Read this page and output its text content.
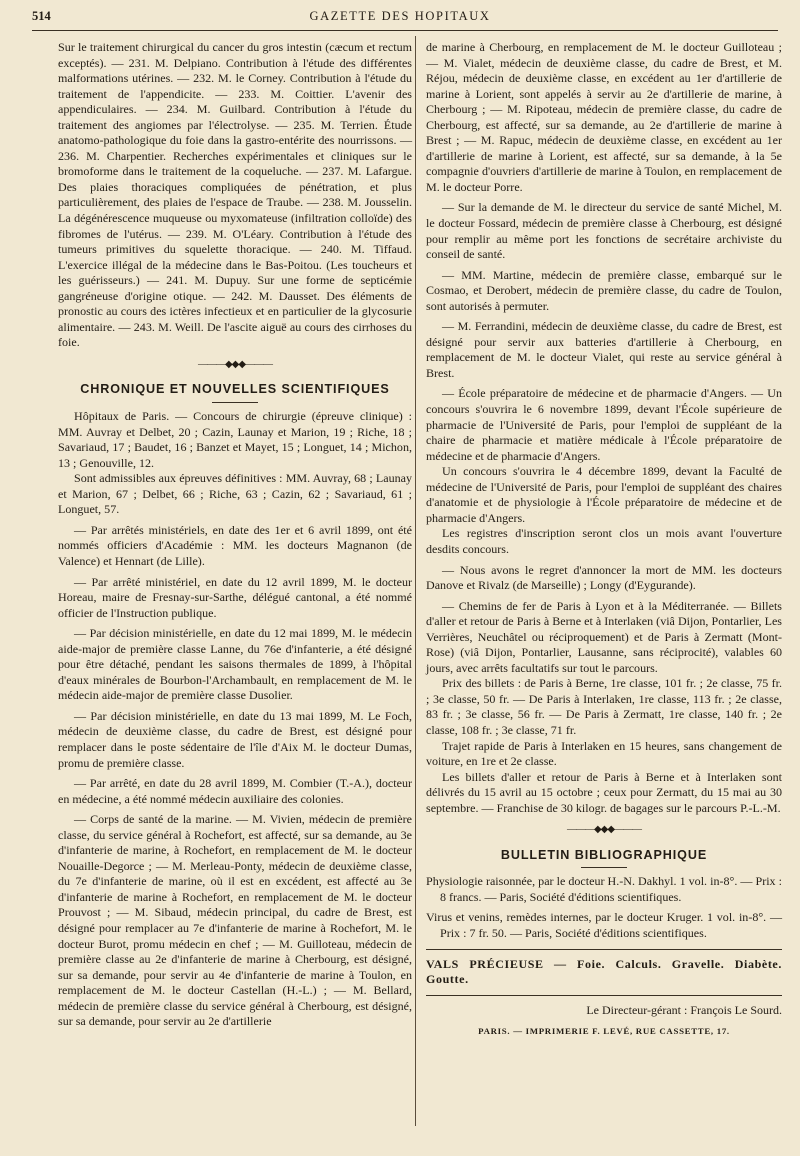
514	GAZETTE DES HOPITAUX

Sur le traitement chirurgical du cancer du gros intestin (cæcum et rectum exceptés). — 231. M. Delpiano. Contribution à l'étude des différentes malformations utérines. — 232. M. le Corney. Contribution à l'étude du traitement de l'appendicite. — 233. M. Coittier. L'avenir des appendiculaires. — 234. M. Guilbard. Contribution à l'étude du traitement des angiomes par l'électrolyse. — 235. M. Terrien. Étude anatomo-pathologique du foie dans la gastro-entérite des nourrissons. — 236. M. Charpentier. Recherches expérimentales et cliniques sur le bromoforme dans le traitement de la coqueluche. — 237. M. Lafargue. Des plaies thoraciques compliquées de pénétration, et plus particulièrement, des plaies de l'espace de Traube. — 238. M. Jousselin. La dégénérescence muqueuse ou myxomateuse (infiltration colloïde) des fibromes de l'utérus. — 239. M. O'Léary. Contribution à l'étude des tumeurs primitives du squelette thoracique. — 240. M. Tiffaud. L'exercice illégal de la médecine dans le Bas-Poitou. (Les toucheurs et les guérisseurs.) — 241. M. Dupuy. Sur une forme de septicémie gangréneuse d'origine otique. — 242. M. Dausset. Des éléments de pronostic au cours des ictères infectieux et en particulier de la glycosurie alimentaire. — 243. M. Weill. De l'ascite aiguë au cours des cirrhoses du foie.

———◆◆◆———
CHRONIQUE ET NOUVELLES SCIENTIFIQUES

Hôpitaux de Paris. — Concours de chirurgie (épreuve clinique) : MM. Auvray et Delbet, 20 ; Cazin, Launay et Marion, 19 ; Riche, 18 ; Savariaud, 17 ; Baudet, 16 ; Banzet et Mayet, 15 ; Longuet, 14 ; Michon, 13 ; Genouville, 12.

Sont admissibles aux épreuves définitives : MM. Auvray, 68 ; Launay et Marion, 67 ; Delbet, 66 ; Riche, 63 ; Cazin, 62 ; Savariaud, 61 ; Longuet, 57.

— Par arrêtés ministériels, en date des 1er et 6 avril 1899, ont été nommés officiers d'Académie : MM. les docteurs Magnanon (de Valence) et Hennart (de Lille).

— Par arrêté ministériel, en date du 12 avril 1899, M. le docteur Horeau, maire de Fresnay-sur-Sarthe, délégué cantonal, a été nommé officier de l'Instruction publique.

— Par décision ministérielle, en date du 12 mai 1899, M. le médecin aide-major de première classe Lanne, du 76e d'infanterie, a été désigné pour être détaché, pendant les saisons thermales de 1899, à l'hôpital d'eaux minérales de Bourbon-l'Archambault, en remplacement de M. le médecin aide-major de première classe Dusolier.

— Par décision ministérielle, en date du 13 mai 1899, M. Le Foch, médecin de deuxième classe, du cadre de Brest, est désigné pour remplacer dans le poste sédentaire de l'île d'Aix M. le docteur Dumas, promu de première classe.

— Par arrêté, en date du 28 avril 1899, M. Combier (T.-A.), docteur en médecine, a été nommé médecin auxiliaire des colonies.

— Corps de santé de la marine. — M. Vivien, médecin de première classe, du service général à Rochefort, est affecté, sur sa demande, au 3e d'infanterie de marine, à Rochefort, en remplacement de M. le docteur Nouaille-Degorce ; — M. Merleau-Ponty, médecin de deuxième classe, du 7e d'infanterie de marine, où il est en excédent, est affecté au 3e d'infanterie de marine à Rochefort, en remplacement de M. le docteur Prouvost ; — M. Sibaud, médecin principal, du cadre de Brest, est désigné pour remplacer au 7e d'infanterie de marine à Rochefort, M. le docteur Burot, promu médecin en chef ; — M. Guilloteau, médecin de première classe au 2e d'infanterie de marine à Cherbourg, est désigné, sur sa demande, pour servir au 4e d'infanterie de marine à Toulon, en remplacement de M. le docteur Castellan (H.-L.) ; — M. Bellard, médecin de première classe du service général à Cherbourg, est désigné, sur sa demande, pour servir au 2e d'artillerie

de marine à Cherbourg, en remplacement de M. le docteur Guilloteau ; — M. Vialet, médecin de deuxième classe, du cadre de Brest, et M. Réjou, médecin de deuxième classe, en excédent au 1er d'artillerie de marine à Lorient, sont appelés à servir au 2e d'artillerie de marine, à Cherbourg ; — M. Ripoteau, médecin de première classe, du cadre de Cherbourg, est affecté, sur sa demande, au 2e d'artillerie de marine à Brest ; — M. Rapuc, médecin de deuxième classe, en excédent au 1er d'artillerie de marine à Lorient, est affecté, sur sa demande, à la 5e compagnie d'ouvriers d'artillerie de marine à Toulon, en remplacement de M. le docteur Porre.

— Sur la demande de M. le directeur du service de santé Michel, M. le docteur Fossard, médecin de première classe à Cherbourg, est désigné pour remplir au même port les fonctions de secrétaire archiviste du conseil de santé.

— MM. Martine, médecin de première classe, embarqué sur le Cosmao, et Derobert, médecin de première classe, du cadre de Toulon, sont autorisés à permuter.

— M. Ferrandini, médecin de deuxième classe, du cadre de Brest, est désigné pour servir aux batteries d'artillerie à Cherbourg, en remplacement de M. le docteur Vialet, qui reste au service général à Brest.

— École préparatoire de médecine et de pharmacie d'Angers. — Un concours s'ouvrira le 6 novembre 1899, devant l'École supérieure de pharmacie de l'Université de Paris, pour l'emploi de suppléant de la chaire de pharmacie et matière médicale à l'École préparatoire de médecine et de pharmacie d'Angers.

Un concours s'ouvrira le 4 décembre 1899, devant la Faculté de médecine de l'Université de Paris, pour l'emploi de suppléant des chaires d'anatomie et de physiologie à l'École préparatoire de médecine et de pharmacie d'Angers.

Les registres d'inscription seront clos un mois avant l'ouverture desdits concours.

— Nous avons le regret d'annoncer la mort de MM. les docteurs Danove et Rivalz (de Marseille) ; Longy (d'Eygurande).

— Chemins de fer de Paris à Lyon et à la Méditerranée. — Billets d'aller et retour de Paris à Berne et à Interlaken (viâ Dijon, Pontarlier, Les Verrières, Neuchâtel ou réciproquement) et de Paris à Zermatt (Mont-Rose) (viâ Dijon, Pontarlier, Lausanne, sans réciprocité), valables 60 jours, avec arrêts facultatifs sur tout le parcours.

Prix des billets : de Paris à Berne, 1re classe, 101 fr. ; 2e classe, 75 fr. ; 3e classe, 50 fr. — De Paris à Interlaken, 1re classe, 113 fr. ; 2e classe, 83 fr. ; 3e classe, 56 fr. — De Paris à Zermatt, 1re classe, 140 fr. ; 2e classe, 108 fr. ; 3e classe, 71 fr.

Trajet rapide de Paris à Interlaken en 15 heures, sans changement de voiture, en 1re et 2e classe.

Les billets d'aller et retour de Paris à Berne et à Interlaken sont délivrés du 15 avril au 15 octobre ; ceux pour Zermatt, du 15 mai au 30 septembre. — Franchise de 30 kilogr. de bagages sur le parcours P.-L.-M.

———◆◆◆———
BULLETIN BIBLIOGRAPHIQUE

Physiologie raisonnée, par le docteur H.-N. Dakhyl. 1 vol. in-8°. — Prix : 8 francs. — Paris, Société d'éditions scientifiques.

Virus et venins, remèdes internes, par le docteur Kruger. 1 vol. in-8°. — Prix : 7 fr. 50. — Paris, Société d'éditions scientifiques.

VALS PRÉCIEUSE — Foie. Calculs. Gravelle. Diabète. Goutte.
Le Directeur-gérant : François Le Sourd.
PARIS. — IMPRIMERIE F. LEVÉ, RUE CASSETTE, 17.
